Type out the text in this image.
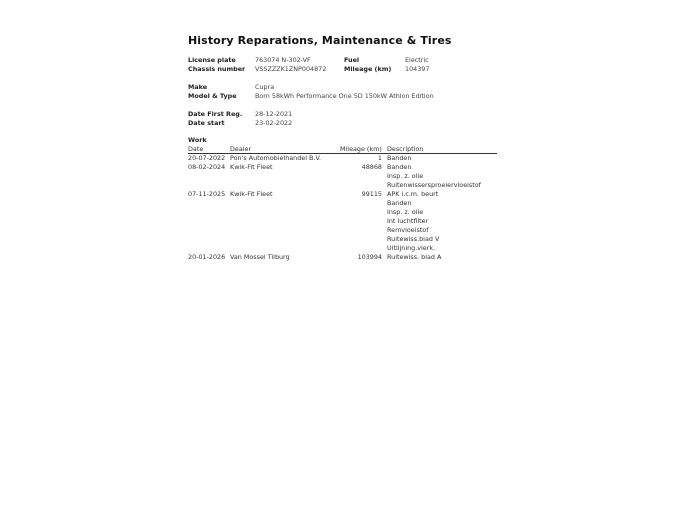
History Reparations, Maintenance & Tires
License plate	763074 N-302-VF	Fuel	Electric
Chassis number VSSZZZK1ZNP004872	Mileage (km) 104397
Make	Cupra
Model & Type	Born 58kWh Performance One 5D 150kW Athlon Edition
Date First Reg. 28-12-2021
Date start	23-02-2022
Work
Date	Dealer	Mileage (km)	Description
20-07-2022	Pon's Automobielhandel B.V.	1	Banden
08-02-2024	Kwik-Fit Fleet	48868	Banden
			Insp. z. olie
			Ruitenwissersproeiervloeistof
07-11-2025	Kwik-Fit Fleet	99115	APK i.c.m. beurt
			Banden
			Insp. z. olie
			Int luchtfilter
			Remvloeistof
			Ruitewiss.blad V
			Uitlijning.vierk.
20-01-2026	Van Mossel Tilburg	103994	Ruitewiss. blad A
